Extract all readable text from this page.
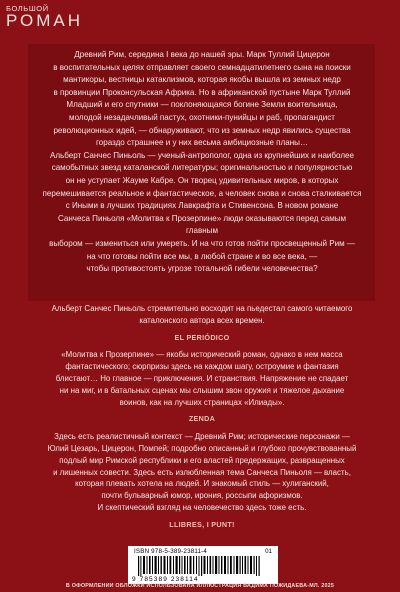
БОЛЬШОЙ
РОМАН

Древний Рим, середина I века до нашей эры. Марк Туллий Цицерон

в воспитательных целях отправляет своего семнадцатилетнего сына на поиски

мантикоры, вестницы катаклизмов, которая якобы вышла из земных недр

в провинции Проконсульская Африка. Но в африканской пустыне Марк Туллий

Младший и его спутники — поклоняющаяся богине Земли воительница,

молодой незадачливый пастух, охотники-пунийцы и раб, пропагандист

революционных идей, — обнаруживают, что из земных недр явились существа

гораздо страшнее и у них весьма амбициозные планы…

Альберт Санчес Пиньоль — ученый-антрополог, одна из крупнейших и наиболее

самобытных звезд каталанской литературы; оригинальностью и популярностью

он не уступает Жауме Кабре. Он творец удивительных миров, в которых

перемешивается реальное и фантастическое, а человек снова и снова сталкивается

с Иными в лучших традициях Лавкрафта и Стивенсона. В новом романе

Санчеса Пиньоля «Молитва к Прозерпине» люди оказываются перед самым главным

выбором — измениться или умереть. И на что готов пойти просвещенный Рим —

на что готовы пойти все мы, в любой стране и во все века, —

чтобы противостоять угрозе тотальной гибели человечества?

Альберт Санчес Пиньоль стремительно восходит на пьедестал самого читаемого

каталонского автора всех времен.

EL PERIÓDICO

«Молитва к Прозерпине» — якобы исторический роман, однако в нем масса

фантастического; сюрпризы здесь на каждом шагу, остроумие и фантазия

блистают… Но главное — приключения. И странствия. Напряжение не спадает

ни на миг, и в батальных сценах мы слышим звон оружия и тяжелое дыхание

воинов, как на лучших страницах «Илиады».

ZENDA

Здесь есть реалистичный контекст — Древний Рим; исторические персонажи —

Юлий Цезарь, Цицерон, Помпей; подробно описанный и глубоко прочувствованный

подлый мир Римской республики и его властей предержащих, развращенных

и лишенных совести. Здесь есть излюбленная тема Санчеса Пиньоля — власть,

которая плевать хотела на людей. И знакомый стиль — хулиганский,

почти бульварный юмор, ирония, россыпи афоризмов.

И скептический взгляд на человечество здесь тоже есть.

LLIBRES, I PUNT!

ISBN 978-5-389-23811-4	01
9 785389 238114
В ОФОРМЛЕНИИ ОБЛОЖКИ ИСПОЛЬЗОВАНА ИЛЛЮСТРАЦИЯ ВАДИМА ПОЖИДАЕВА-МЛ. 2025
